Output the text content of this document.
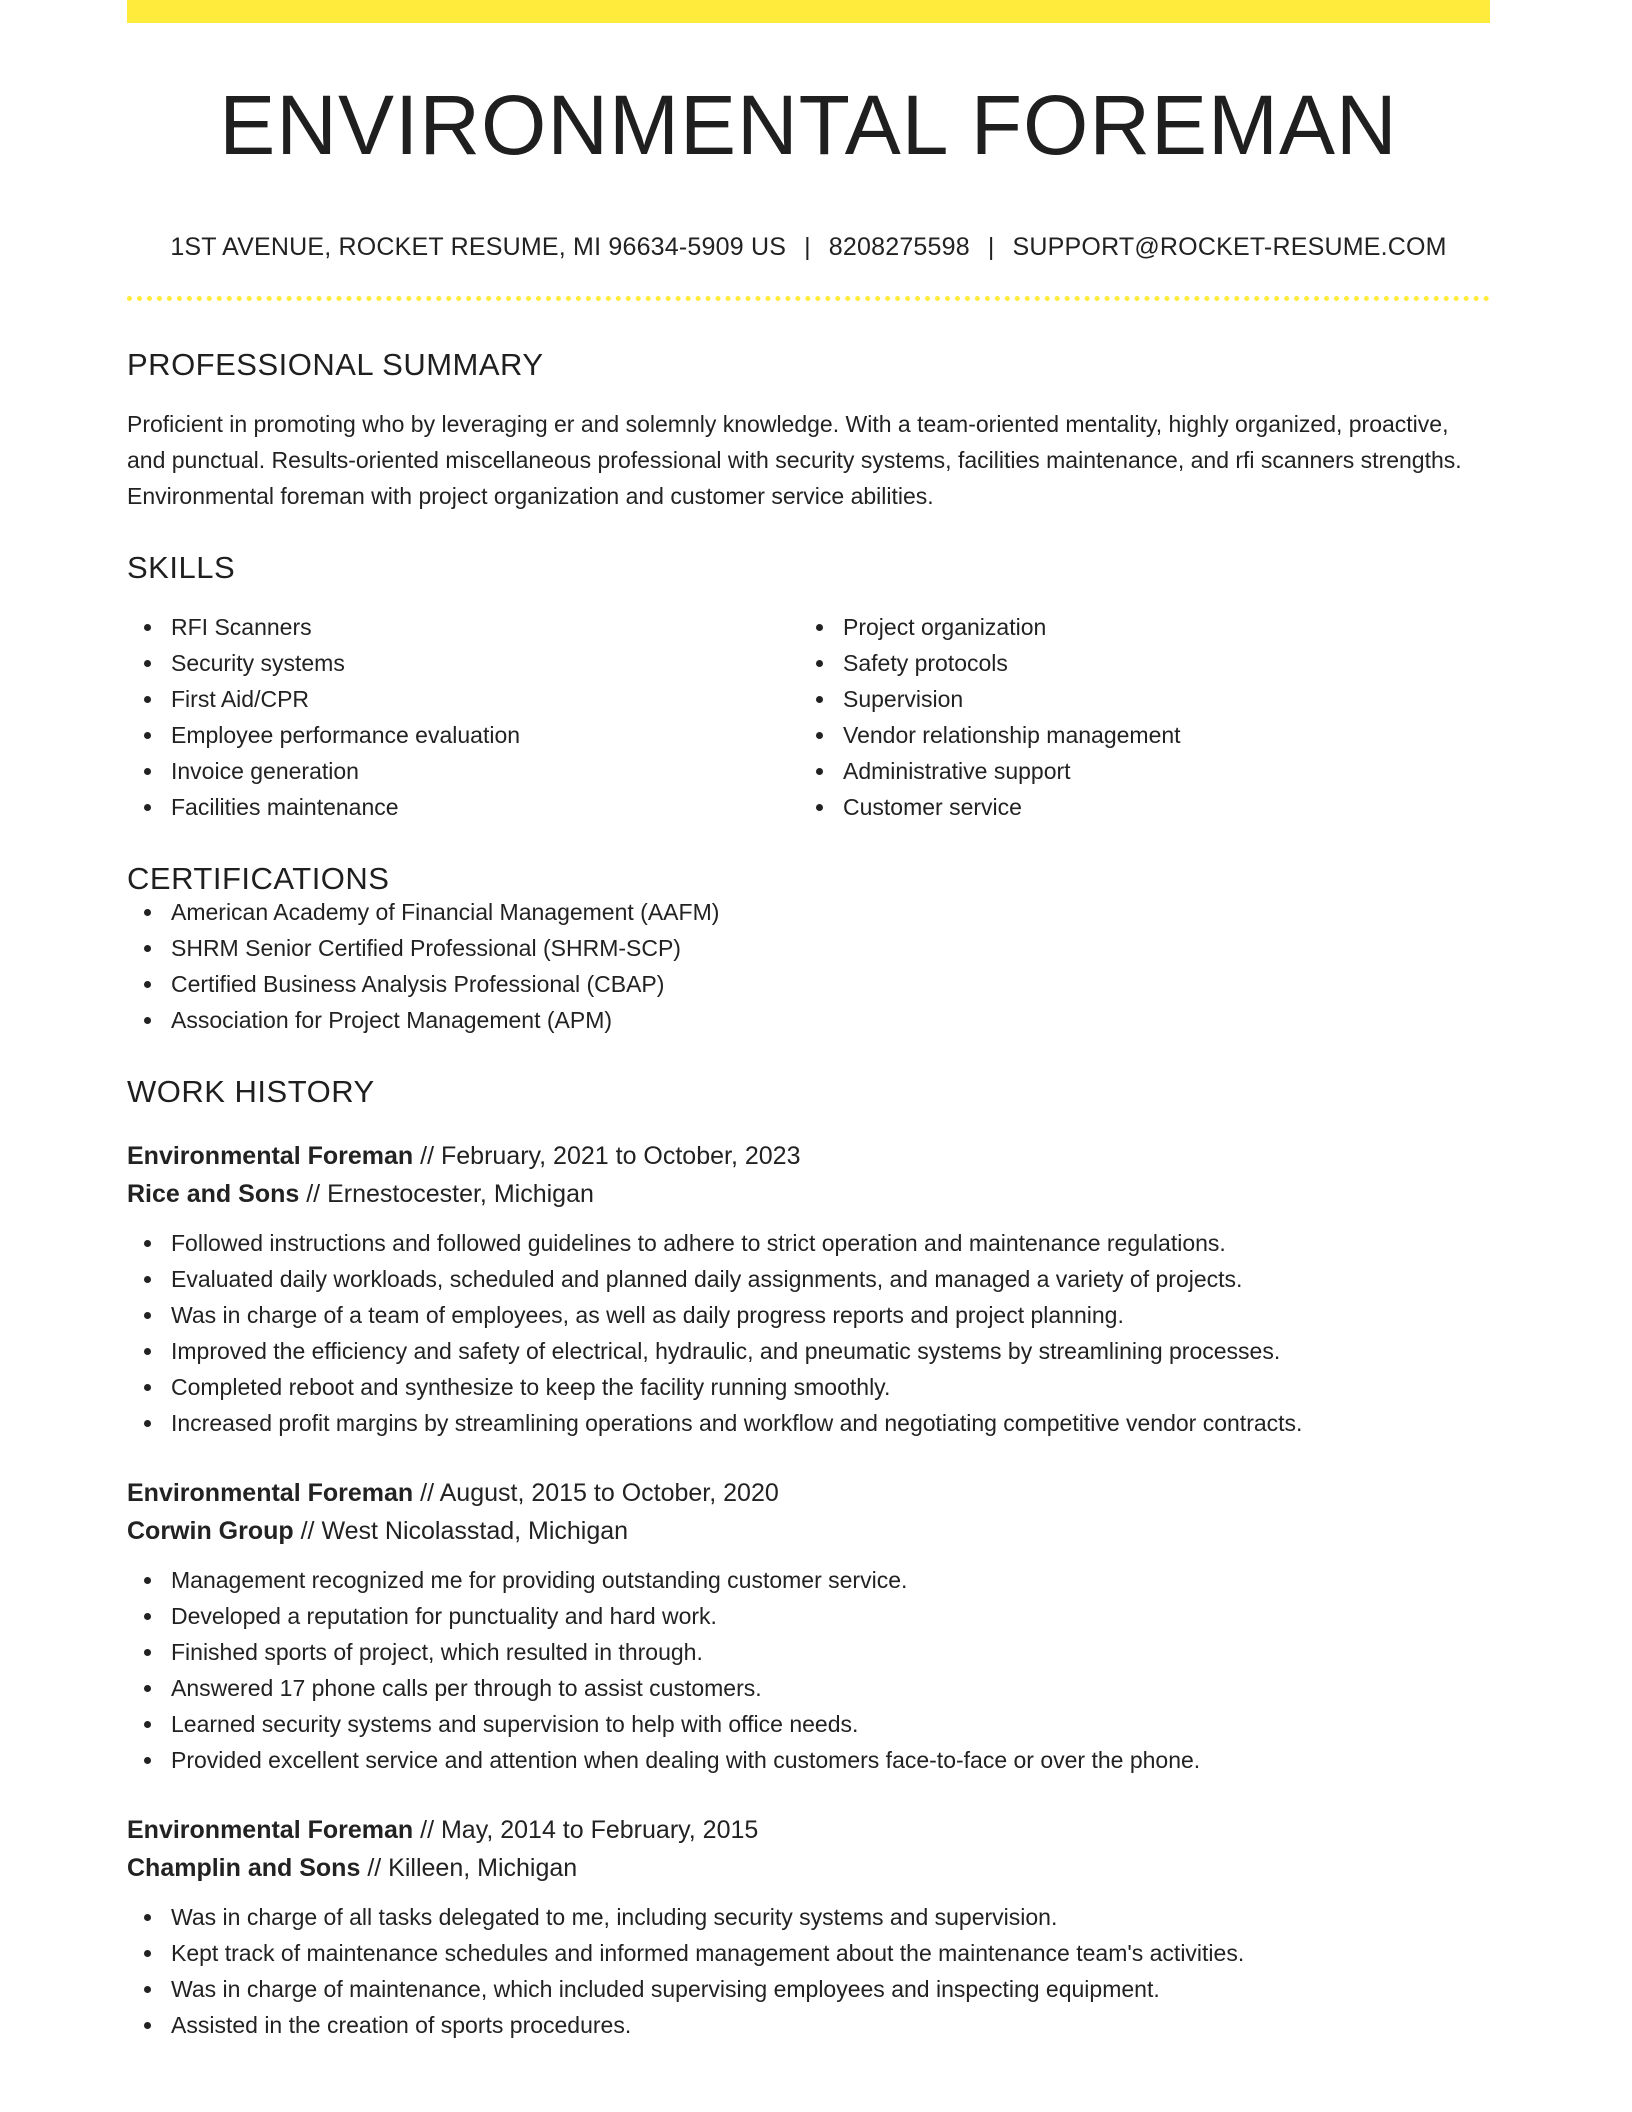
ENVIRONMENTAL FOREMAN
1ST AVENUE, ROCKET RESUME, MI 96634-5909 US | 8208275598 | SUPPORT@ROCKET-RESUME.COM
PROFESSIONAL SUMMARY

Proficient in promoting who by leveraging er and solemnly knowledge. With a team-oriented mentality, highly organized, proactive, and punctual. Results-oriented miscellaneous professional with security systems, facilities maintenance, and rfi scanners strengths. Environmental foreman with project organization and customer service abilities.

SKILLS
RFI Scanners
Security systems
First Aid/CPR
Employee performance evaluation
Invoice generation
Facilities maintenance
Project organization
Safety protocols
Supervision
Vendor relationship management
Administrative support
Customer service
CERTIFICATIONS
American Academy of Financial Management (AAFM)
SHRM Senior Certified Professional (SHRM-SCP)
Certified Business Analysis Professional (CBAP)
Association for Project Management (APM)
WORK HISTORY
Environmental Foreman // February, 2021 to October, 2023
Rice and Sons // Ernestocester, Michigan
Followed instructions and followed guidelines to adhere to strict operation and maintenance regulations.
Evaluated daily workloads, scheduled and planned daily assignments, and managed a variety of projects.
Was in charge of a team of employees, as well as daily progress reports and project planning.
Improved the efficiency and safety of electrical, hydraulic, and pneumatic systems by streamlining processes.
Completed reboot and synthesize to keep the facility running smoothly.
Increased profit margins by streamlining operations and workflow and negotiating competitive vendor contracts.
Environmental Foreman // August, 2015 to October, 2020
Corwin Group // West Nicolasstad, Michigan
Management recognized me for providing outstanding customer service.
Developed a reputation for punctuality and hard work.
Finished sports of project, which resulted in through.
Answered 17 phone calls per through to assist customers.
Learned security systems and supervision to help with office needs.
Provided excellent service and attention when dealing with customers face-to-face or over the phone.
Environmental Foreman // May, 2014 to February, 2015
Champlin and Sons // Killeen, Michigan
Was in charge of all tasks delegated to me, including security systems and supervision.
Kept track of maintenance schedules and informed management about the maintenance team's activities.
Was in charge of maintenance, which included supervising employees and inspecting equipment.
Assisted in the creation of sports procedures.
